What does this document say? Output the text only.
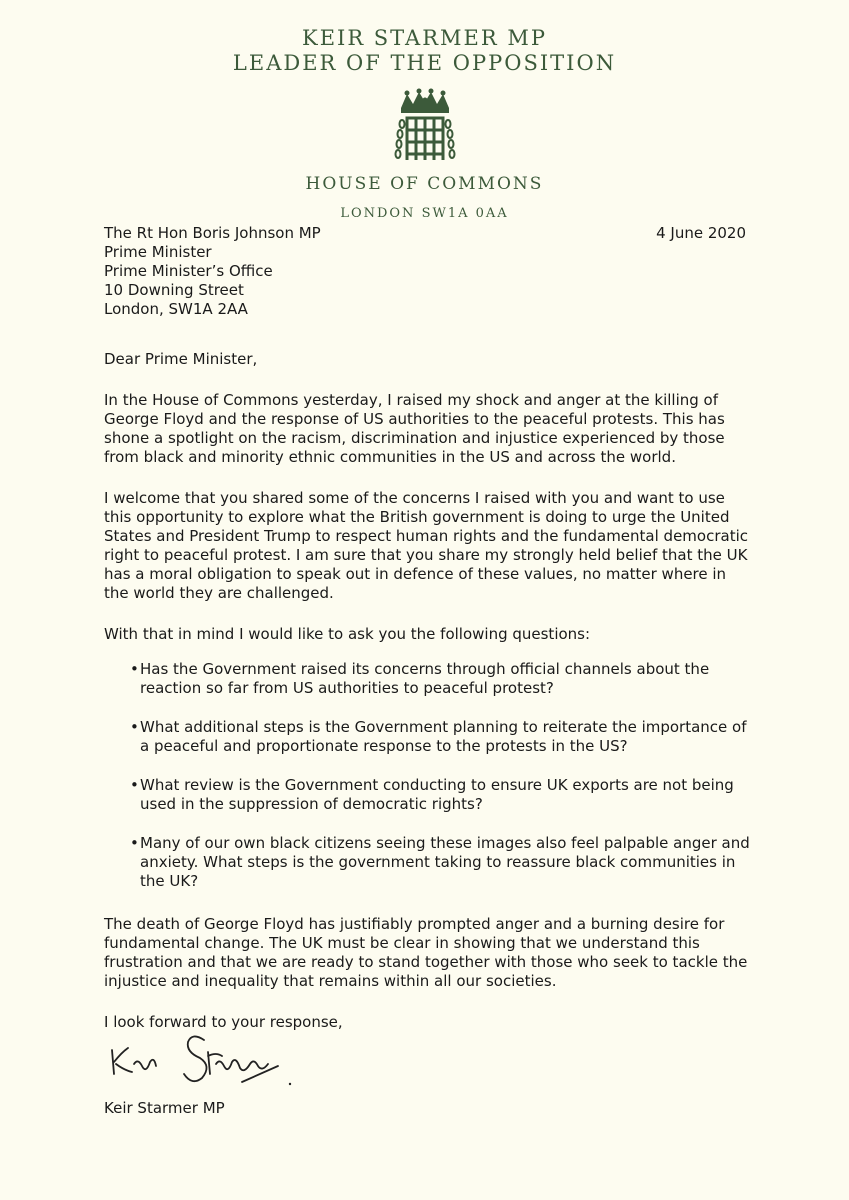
KEIR STARMER MP
LEADER OF THE OPPOSITION
HOUSE OF COMMONS
LONDON SW1A 0AA
The Rt Hon Boris Johnson MP
Prime Minister
Prime Minister’s Office
10 Downing Street
London, SW1A 2AA
4 June 2020

Dear Prime Minister,

In the House of Commons yesterday, I raised my shock and anger at the killing of George Floyd and the response of US authorities to the peaceful protests. This has shone a spotlight on the racism, discrimination and injustice experienced by those from black and minority ethnic communities in the US and across the world.

I welcome that you shared some of the concerns I raised with you and want to use this opportunity to explore what the British government is doing to urge the United States and President Trump to respect human rights and the fundamental democratic right to peaceful protest. I am sure that you share my strongly held belief that the UK has a moral obligation to speak out in defence of these values, no matter where in the world they are challenged.

With that in mind I would like to ask you the following questions:

• Has the Government raised its concerns through official channels about the reaction so far from US authorities to peaceful protest?
• What additional steps is the Government planning to reiterate the importance of a peaceful and proportionate response to the protests in the US?
• What review is the Government conducting to ensure UK exports are not being used in the suppression of democratic rights?
• Many of our own black citizens seeing these images also feel palpable anger and anxiety. What steps is the government taking to reassure black communities in the UK?

The death of George Floyd has justifiably prompted anger and a burning desire for fundamental change. The UK must be clear in showing that we understand this frustration and that we are ready to stand together with those who seek to tackle the injustice and inequality that remains within all our societies.

I look forward to your response,

Keir Starmer MP
